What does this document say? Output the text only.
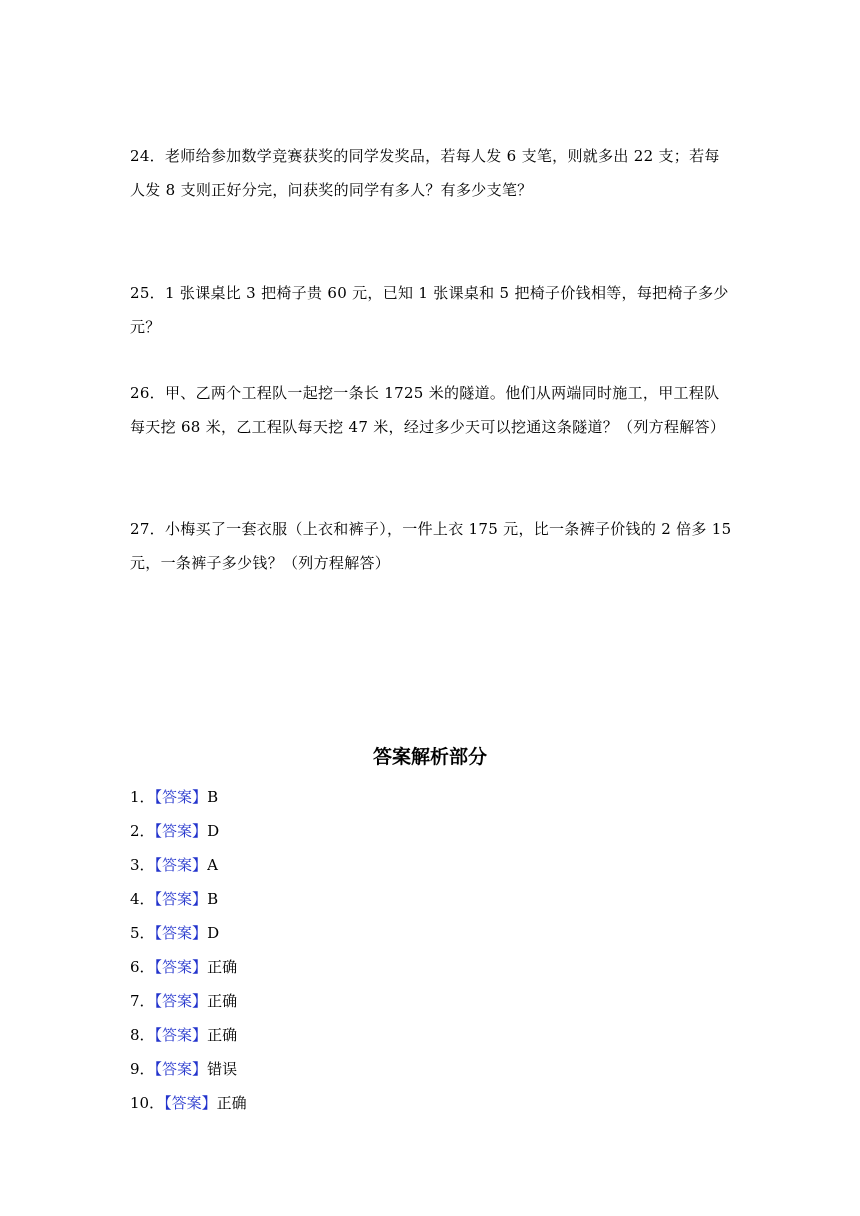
24．老师给参加数学竞赛获奖的同学发奖品，若每人发 6 支笔，则就多出 22 支；若每
人发 8 支则正好分完，问获奖的同学有多人？有多少支笔？
25．1 张课桌比 3 把椅子贵 60 元，已知 1 张课桌和 5 把椅子价钱相等，每把椅子多少元？
26．甲、乙两个工程队一起挖一条长 1725 米的隧道。他们从两端同时施工，甲工程队
每天挖 68 米，乙工程队每天挖 47 米，经过多少天可以挖通这条隧道？（列方程解答）
27．小梅买了一套衣服（上衣和裤子），一件上衣 175 元，比一条裤子价钱的 2 倍多 15
元，一条裤子多少钱？（列方程解答）
答案解析部分
1．【答案】B
2．【答案】D
3．【答案】A
4．【答案】B
5．【答案】D
6．【答案】正确
7．【答案】正确
8．【答案】正确
9．【答案】错误
10．【答案】正确
